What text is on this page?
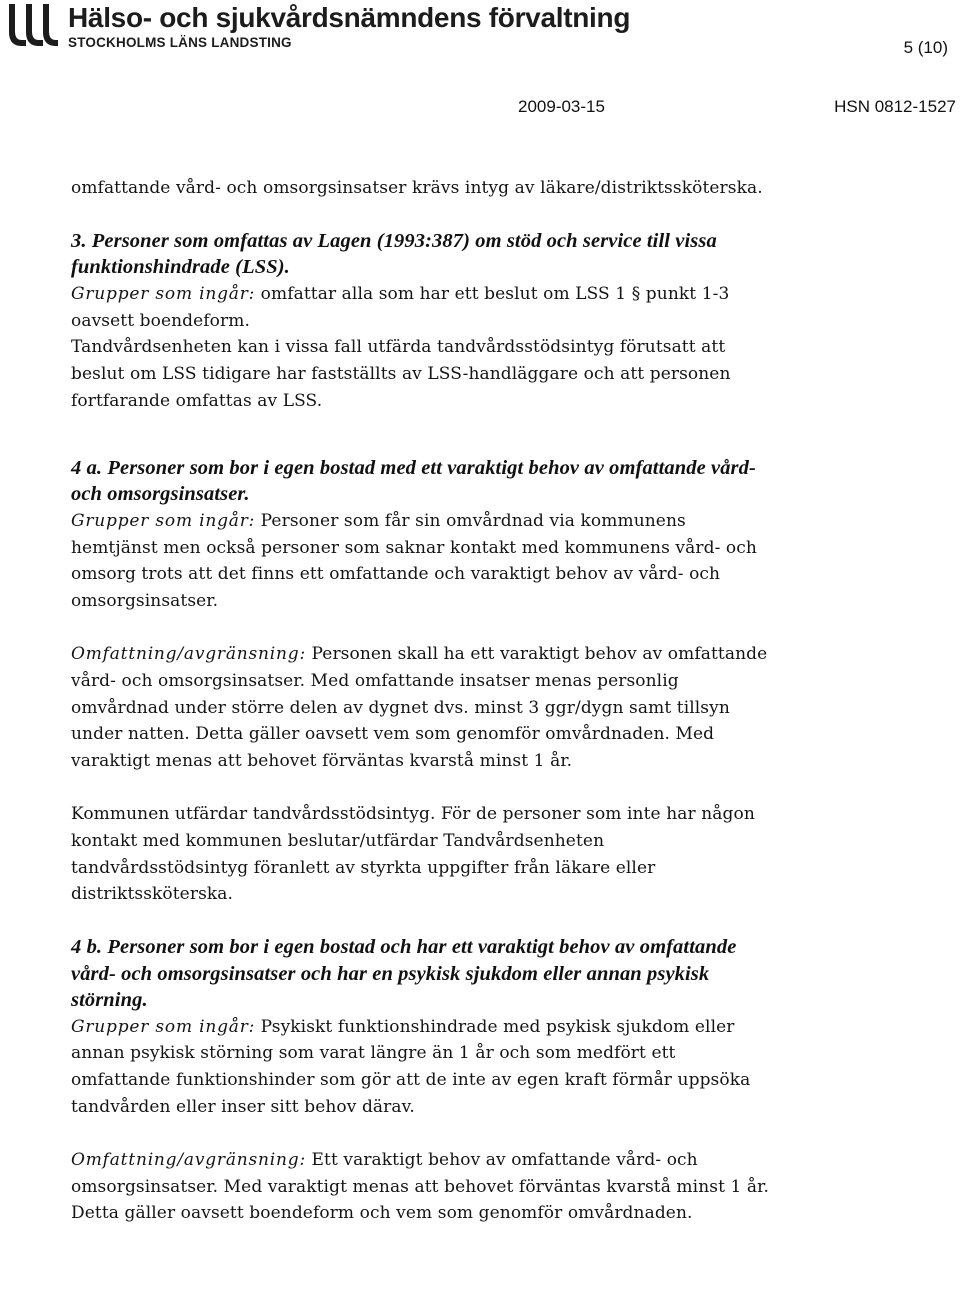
Hälso- och sjukvårdsnämndens förvaltning
STOCKHOLMS LÄNS LANDSTING	5 (10)
2009-03-15	HSN 0812-1527

omfattande vård- och omsorgsinsatser krävs intyg av läkare/distriktssköterska.

3. Personer som omfattas av Lagen (1993:387) om stöd och service till vissa funktionshindrade (LSS).

Grupper som ingår: omfattar alla som har ett beslut om LSS 1 § punkt 1-3 oavsett boendeform.

Tandvårdsenheten kan i vissa fall utfärda tandvårdsstödsintyg förutsatt att beslut om LSS tidigare har fastställts av LSS-handläggare och att personen fortfarande omfattas av LSS.

4 a. Personer som bor i egen bostad med ett varaktigt behov av omfattande vård- och omsorgsinsatser.

Grupper som ingår: Personer som får sin omvårdnad via kommunens hemtjänst men också personer som saknar kontakt med kommunens vård- och omsorg trots att det finns ett omfattande och varaktigt behov av vård- och omsorgsinsatser.

Omfattning/avgränsning: Personen skall ha ett varaktigt behov av omfattande vård- och omsorgsinsatser. Med omfattande insatser menas personlig omvårdnad under större delen av dygnet dvs. minst 3 ggr/dygn samt tillsyn under natten. Detta gäller oavsett vem som genomför omvårdnaden. Med varaktigt menas att behovet förväntas kvarstå minst 1 år.

Kommunen utfärdar tandvårdsstödsintyg. För de personer som inte har någon kontakt med kommunen beslutar/utfärdar Tandvårdsenheten tandvårdsstödsintyg föranlett av styrkta uppgifter från läkare eller distriktssköterska.

4 b. Personer som bor i egen bostad och har ett varaktigt behov av omfattande vård- och omsorgsinsatser och har en psykisk sjukdom eller annan psykisk störning.

Grupper som ingår: Psykiskt funktionshindrade med psykisk sjukdom eller annan psykisk störning som varat längre än 1 år och som medfört ett omfattande funktionshinder som gör att de inte av egen kraft förmår uppsöka tandvården eller inser sitt behov därav.

Omfattning/avgränsning: Ett varaktigt behov av omfattande vård- och omsorgsinsatser. Med varaktigt menas att behovet förväntas kvarstå minst 1 år. Detta gäller oavsett boendeform och vem som genomför omvårdnaden.
